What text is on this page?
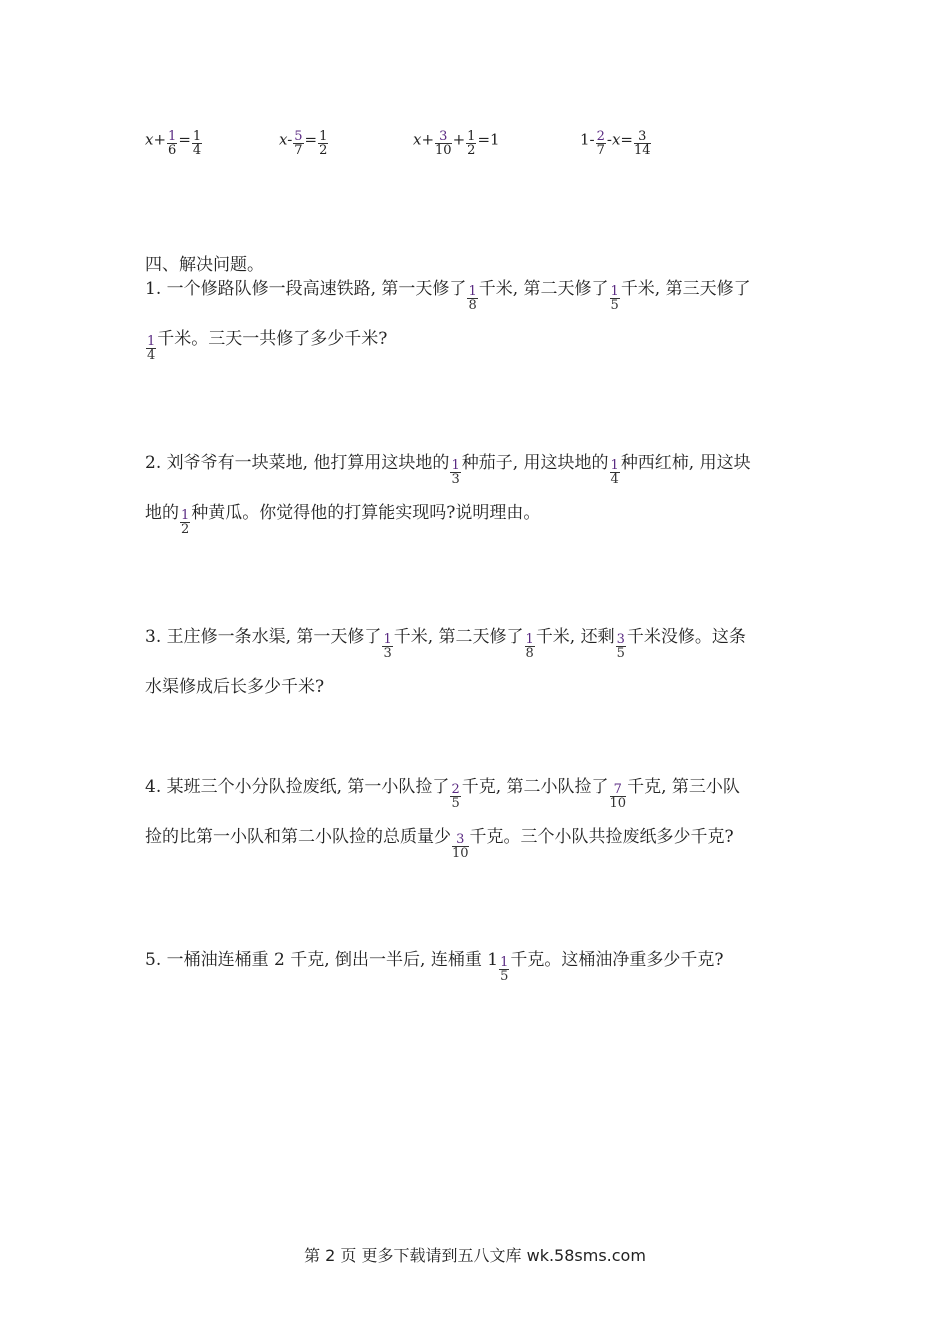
$x+ \frac{1}{6} = \frac{1}{4}$	$x- \frac{5}{7} = \frac{1}{2}$	$x+ \frac{3}{10} + \frac{1}{2} =1$	$1- \frac{2}{7} -x= \frac{3}{14}$
四、解决问题。
1. 一个修路队修一段高速铁路, 第一天修了 $\frac{1}{8}$ 千米, 第二天修了 $\frac{1}{5}$ 千米, 第三天修了
$\frac{1}{4}$ 千米。三天一共修了多少千米?
2. 刘爷爷有一块菜地, 他打算用这块地的 $\frac{1}{3}$ 种茄子, 用这块地的 $\frac{1}{4}$ 种西红柿, 用这块
地的 $\frac{1}{2}$ 种黄瓜。你觉得他的打算能实现吗?说明理由。
3. 王庄修一条水渠, 第一天修了 $\frac{1}{3}$ 千米, 第二天修了 $\frac{1}{8}$ 千米, 还剩 $\frac{3}{5}$ 千米没修。这条
水渠修成后长多少千米?
4. 某班三个小分队捡废纸, 第一小队捡了 $\frac{2}{5}$ 千克, 第二小队捡了 $\frac{7}{10}$ 千克, 第三小队
捡的比第一小队和第二小队捡的总质量少 $\frac{3}{10}$ 千克。三个小队共捡废纸多少千克?
5. 一桶油连桶重 2 千克, 倒出一半后, 连桶重 $1 \frac{1}{5}$ 千克。这桶油净重多少千克?
第 2 页 更多下载请到五八文库 wk.58sms.com
